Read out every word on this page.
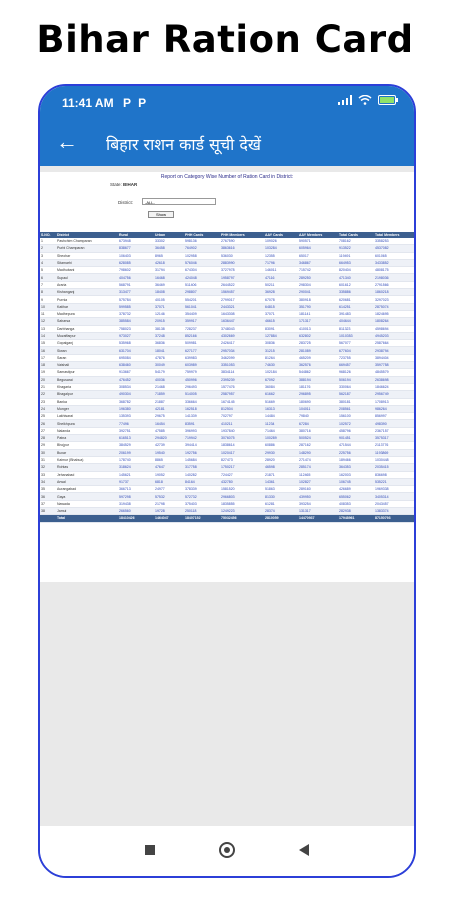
Bihar Ration Card
11:41 AM P P
← बिहार राशन कार्ड सूची देखें
Report on Category Wise Number of Ration Card in District:
State: BIHAR
District:	-ALL-
Show
S.NO.	District	Rural	Urban	PHH Cards	PHH Members	AAY Cards	AAY Members	Total Cards	Total Members
1	Pashchim Champaran	673948	33302	598136	2767590	109026	590571	708162	3358253
2	Purbi Champaran	838677	36458	764902	3863616	103284	605964	913522	4537082
3	Sheohar	106403	8965	102958	536030	12355	65017	119491	601065
4	Sitamarhi	628085	42618	576046	2883990	71796	346867	664953	3433852
5	Madhubani	798602	31794	674304	3727978	146011	715742	820404	4808175
6	Supaul	404756	16468	424048	1958797	47116	289250	471340	2198036
7	Araria	568791	36469	511406	2644522	50211	298304	601612	2791566
8	Kishanganj	313477	18408	298807	1569457	36928	290041	335886	1860218
9	Purnia	575784	40105	554201	2799017	67078	380918	620681	3297023
10	Katihar	599585	37071	561041	2443321	64815	351790	614251	2875074
11	Madhepura	378732	12146	354409	1643308	37071	181141	391483	1824695
12	Saharsa	385584	20915	359917	1636447	46615	171317	404644	1808264
13	Darbhanga	758023	38138	728237	3748043	83091	410013	811323	4598694
14	Muzaffarpur	973027	37248	852166	4302669	127884	632802	1010353	4945203
15	Gopalganj	535968	36836	509981	2426417	30836	283725	567077	2587664
16	Siwan	631704	18041	627177	2957034	31215	281089	677604	2938794
17	Saran	695084	47876	639983	3462099	81264	465209	723755	3894404
18	Vaishali	638460	30049	603989	3351053	74630	362576	669457	3597758
19	Samastipur	913667	54179	759979	3834114	102184	544862	968126	4845579
20	Begusarai	476452	40036	450996	2395239	67092	388194	506194	2638698
21	Khagaria	308534	21468	296493	1577476	36084	181176	330064	1846624
22	Bhagalpur	490304	71859	514005	2587957	61662	296895	562187	2956749
23	Banka	368782	21887	336664	1674145	51669	180690	380181	1708913
24	Munger	196380	42181	162518	812504	16313	104011	208561	986264
25	Lakhisarai	135393	29675	141339	702797	14484	79840	156100	856997
26	Sheikhpura	77496	16454	83591	410211	11234	67284	102572	498390
27	Nalanda	392751	47585	396993	1937840	71464	380716	458796	2367157
28	Patna	616513	294820	719942	3076075	100289	500524	901451	3575317
29	Bhojpur	384529	42739	394414	1838614	60886	287162	471544	2113776
30	Buxar	206199	19540	192756	1020417	29930	148290	225756	1193869
31	Kaimur (Bhabua)	178740	8865	145684	827473	28920	271474	189466	1030448
32	Rohtas	318624	47647	317758	1750217	46598	285174	364353	2035415
33	Jehanabad	145621	19052	140282	724427	21871	112465	162003	836698
34	Arwal	91737	6818	84164	432780	14361	102827	106745	535221
35	Aurangabad	366713	24977	378339	1581520	51863	289160	426689	1969338
36	Gaya	597298	57532	572732	2966803	81330	439950	655062	3405314
37	Nawada	319438	21798	375403	1835855	61281	393254	408353	2043457
38	Jamui	266560	19728	250118	1249223	28374	131317	282938	1383374
	Total	18410426	1464047	18407152	75032456	2810059	14470937	17948961	87150793
